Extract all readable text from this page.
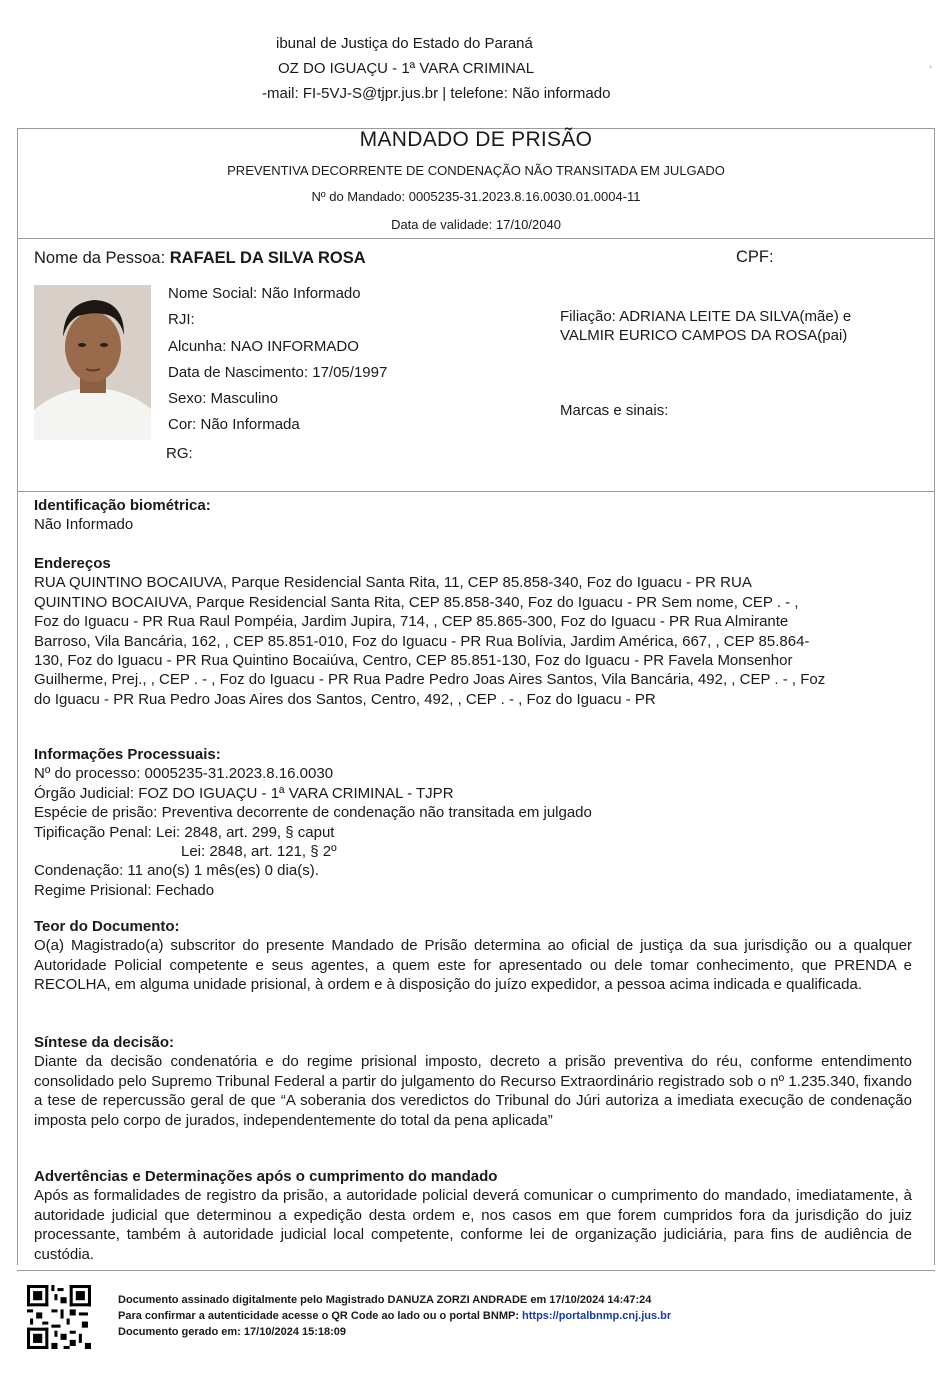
ibunal de Justiça do Estado do Paraná
OZ DO IGUAÇU - 1ª VARA CRIMINAL
-mail: FI-5VJ-S@tjpr.jus.br | telefone: Não informado
›
MANDADO DE PRISÃO
PREVENTIVA DECORRENTE DE CONDENAÇÃO NÃO TRANSITADA EM JULGADO
Nº do Mandado: 0005235-31.2023.8.16.0030.01.0004-11
Data de validade: 17/10/2040
Nome da Pessoa: RAFAEL DA SILVA ROSA	CPF:
Nome Social: Não Informado
RJI:
Alcunha: NAO INFORMADO
Data de Nascimento: 17/05/1997
Sexo: Masculino
Cor: Não Informada
RG:
Filiação: ADRIANA LEITE DA SILVA(mãe) e
VALMIR EURICO CAMPOS DA ROSA(pai)
Marcas e sinais:
Identificação biométrica:
Não Informado
Endereços
RUA QUINTINO BOCAIUVA, Parque Residencial Santa Rita, 11, CEP 85.858-340, Foz do Iguacu - PR RUA
QUINTINO BOCAIUVA, Parque Residencial Santa Rita, CEP 85.858-340, Foz do Iguacu - PR Sem nome, CEP . - ,
Foz do Iguacu - PR Rua Raul Pompéia, Jardim Jupira, 714, , CEP 85.865-300, Foz do Iguacu - PR Rua Almirante
Barroso, Vila Bancária, 162, , CEP 85.851-010, Foz do Iguacu - PR Rua Bolívia, Jardim América, 667, , CEP 85.864-
130, Foz do Iguacu - PR Rua Quintino Bocaiúva, Centro, CEP 85.851-130, Foz do Iguacu - PR Favela Monsenhor
Guilherme, Prej., , CEP . - , Foz do Iguacu - PR Rua Padre Pedro Joas Aires Santos, Vila Bancária, 492, , CEP . - , Foz
do Iguacu - PR Rua Pedro Joas Aires dos Santos, Centro, 492, , CEP . - , Foz do Iguacu - PR
Informações Processuais:
Nº do processo: 0005235-31.2023.8.16.0030
Órgão Judicial: FOZ DO IGUAÇU - 1ª VARA CRIMINAL - TJPR
Espécie de prisão: Preventiva decorrente de condenação não transitada em julgado
Tipificação Penal: Lei: 2848, art. 299, § caput
Lei: 2848, art. 121, § 2º
Condenação: 11 ano(s) 1 mês(es) 0 dia(s).
Regime Prisional: Fechado
Teor do Documento:
O(a) Magistrado(a) subscritor do presente Mandado de Prisão determina ao oficial de justiça da sua jurisdição ou a qualquer Autoridade Policial competente e seus agentes, a quem este for apresentado ou dele tomar conhecimento, que PRENDA e RECOLHA, em alguma unidade prisional, à ordem e à disposição do juízo expedidor, a pessoa acima indicada e qualificada.
Síntese da decisão:
Diante da decisão condenatória e do regime prisional imposto, decreto a prisão preventiva do réu, conforme entendimento consolidado pelo Supremo Tribunal Federal a partir do julgamento do Recurso Extraordinário registrado sob o nº 1.235.340, fixando a tese de repercussão geral de que “A soberania dos veredictos do Tribunal do Júri autoriza a imediata execução de condenação imposta pelo corpo de jurados, independentemente do total da pena aplicada”
Advertências e Determinações após o cumprimento do mandado
Após as formalidades de registro da prisão, a autoridade policial deverá comunicar o cumprimento do mandado, imediatamente, à autoridade judicial que determinou a expedição desta ordem e, nos casos em que forem cumpridos fora da jurisdição do juiz processante, também à autoridade judicial local competente, conforme lei de organização judiciária, para fins de audiência de custódia.
Documento assinado digitalmente pelo Magistrado DANUZA ZORZI ANDRADE em 17/10/2024 14:47:24
Para confirmar a autenticidade acesse o QR Code ao lado ou o portal BNMP: https://portalbnmp.cnj.jus.br
Documento gerado em: 17/10/2024 15:18:09
